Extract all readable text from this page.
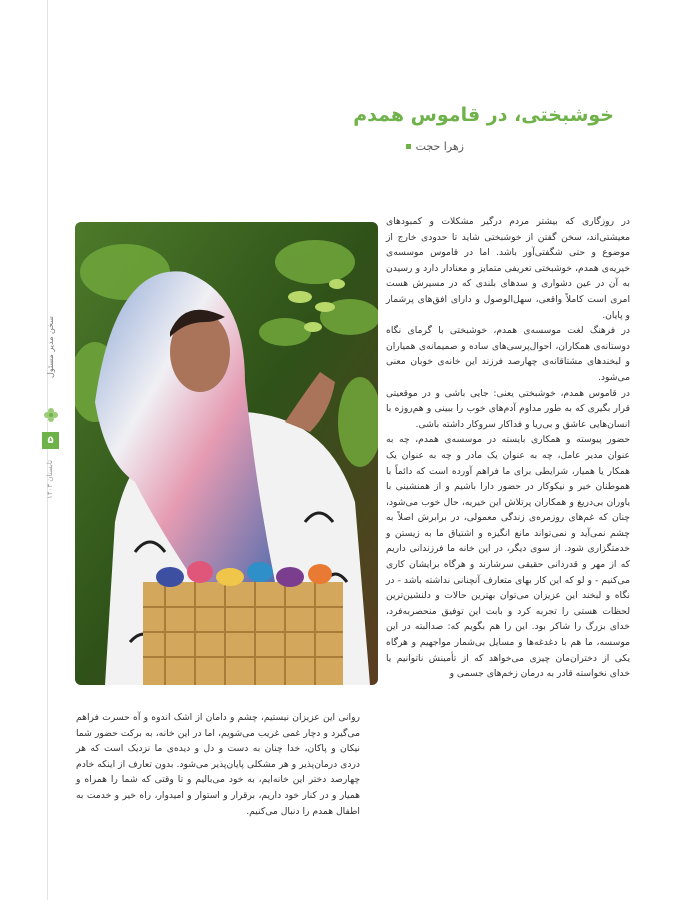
خوشبختی، در قاموس همدم
زهرا حجت
سخن مدیر مسئول
۵
تابستان ۱۴۰۳

در روزگاری که بیشتر مردم درگیر مشکلات و کمبودهای معیشتی‌اند، سخن گفتن از خوشبختی شاید تا حدودی خارج از موضوع و حتی شگفتی‌آور باشد. اما در قاموس موسسه‌ی خیریه‌ی همدم، خوشبختی تعریفی متمایز و معنادار دارد و رسیدن به آن در عین دشواری و سدهای بلندی که در مسیرش هست امری است کاملاً واقعی، سهل‌الوصول و دارای افق‌های پرشمار و پایان.

در فرهنگ لغت موسسه‌ی همدم، خوشبختی با گرمای نگاه دوستانه‌ی همکاران، احوال‌پرسی‌های ساده و صمیمانه‌ی همیاران و لبخندهای مشتاقانه‌ی چهارصد فرزند این خانه‌ی خوبان معنی می‌شود.

در قاموس همدم، خوشبختی یعنی: جایی باشی و در موقعیتی قرار بگیری که به طور مداوم آدم‌های خوب را ببینی و هم‌روزه با انسان‌هایی عاشق و بی‌ریا و فداکار سروکار داشته باشی.

حضور پیوسته و همکاری بایسته در موسسه‌ی همدم، چه به عنوان مدیر عامل، چه به عنوان یک مادر و چه به عنوان یک همکار یا همیار، شرایطی برای ما فراهم آورده است که دائماً با همو‌طنان خیر و نیکوکار در حضور دارا باشیم و از همنشینی با یاوران بی‌دریغ و همکاران پرتلاش این خیریه، حال خوب می‌شود، چنان که غم‌های روزمره‌ی زندگی معمولی، در برابرش اصلاً به چشم نمی‌آید و نمی‌تواند مانع انگیزه و اشتیاق ما به زیستن و خدمتگزاری شود. از سوی دیگر، در این خانه ما فرزندانی داریم که از مهر و قدردانی حقیقی سرشارند و هرگاه برایشان کاری می‌کنیم - و لو که این کار بهای متعارف آنچنانی نداشته باشد - در نگاه و لبخند این عزیزان می‌توان بهترین حالات و دلنشین‌ترین لحظات هستی را تجربه کرد و بابت این توفیق منحصربه‌فرد، خدای بزرگ را شاکر بود. این را هم بگویم که: صدالبته در این موسسه، ما هم با دغدغه‌ها و مسایل بی‌شمار مواجهیم و هرگاه یکی از دختران‌مان چیزی می‌خواهد که از تأمینش ناتوانیم یا خدای نخواسته قادر به درمان زخم‌های جسمی و

روانی این عزیزان نیستیم، چشم و دامان از اشک اندوه و آه حسرت فراهم می‌گیرد و دچار غمی غریب می‌شویم، اما در این خانه، به برکت حضور شما نیکان و پاکان، خدا چنان به دست و دل و دیده‌ی ما نزدیک است که هر دردی درمان‌پذیر و هر مشکلی پایان‌پذیر می‌شود. بدون تعارف از اینکه خادم چهارصد دختر این خانه‌ایم، به خود می‌بالیم و تا وقتی که شما را همراه و همیار و در کنار خود داریم، برقرار و استوار و امیدوار، راه خیر و خدمت به اطفال همدم را دنبال می‌کنیم.
